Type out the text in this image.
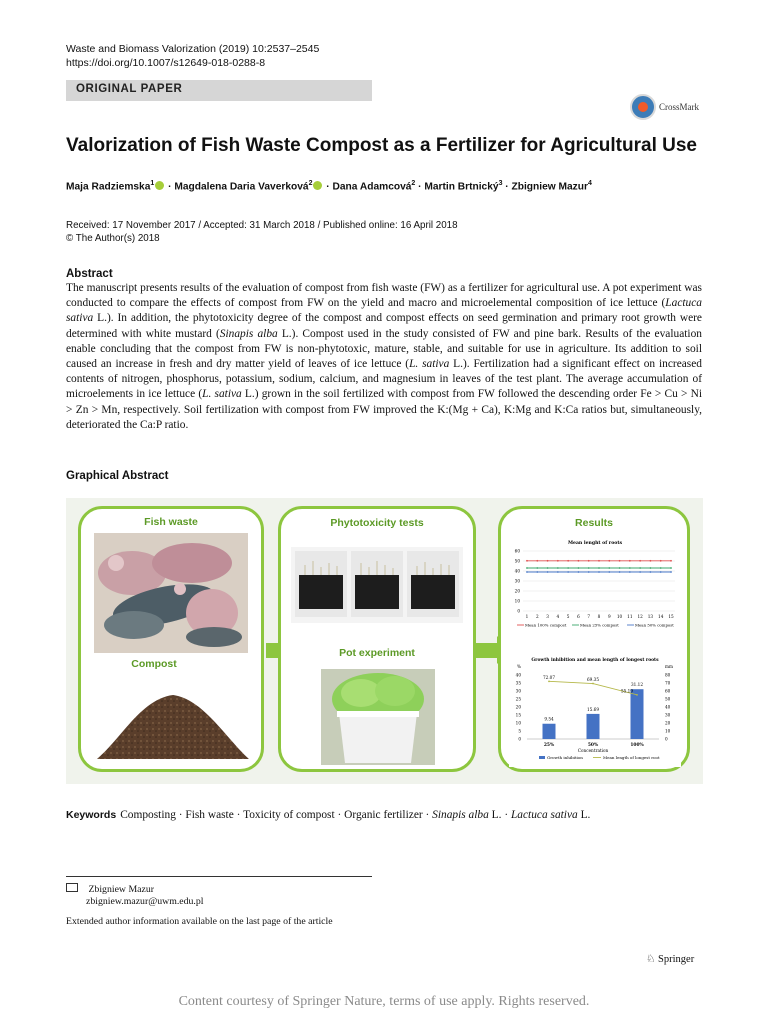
Waste and Biomass Valorization (2019) 10:2537–2545
https://doi.org/10.1007/s12649-018-0288-8
ORIGINAL PAPER
CrossMark
Valorization of Fish Waste Compost as a Fertilizer for Agricultural Use
Maja Radziemska$^1$ · Magdalena Daria Vaverková$^2$ · Dana Adamcová$^2$ · Martin Brtnický$^3$ · Zbigniew Mazur$^4$
Received: 17 November 2017 / Accepted: 31 March 2018 / Published online: 16 April 2018
© The Author(s) 2018
Abstract
The manuscript presents results of the evaluation of compost from fish waste (FW) as a fertilizer for agricultural use. A pot experiment was conducted to compare the effects of compost from FW on the yield and macro and microelemental composition of ice lettuce (Lactuca sativa L.). In addition, the phytotoxicity degree of the compost and compost effects on seed germination and primary root growth were determined with white mustard (Sinapis alba L.). Compost used in the study consisted of FW and pine bark. Results of the evaluation enable concluding that the compost from FW is non-phytotoxic, mature, stable, and suitable for use in agriculture. Its addition to soil caused an increase in fresh and dry matter yield of leaves of ice lettuce (L. sativa L.). Fertilization had a significant effect on increased contents of nitrogen, phosphorus, potassium, sodium, calcium, and magnesium in leaves of the test plant. The average accumulation of microelements in ice lettuce (L. sativa L.) grown in the soil fertilized with compost from FW followed the descending order Fe > Cu > Ni > Zn > Mn, respectively. Soil fertilization with compost from FW improved the K:(Mg + Ca), K:Mg and K:Ca ratios but, simultaneously, deteriorated the Ca:P ratio.
Graphical Abstract
Fish waste
Compost
Phytotoxicity tests
Pot experiment
Results
Mean lenght of roots
60
50
40
30
20
10
0
1 2 3 4 5 6 7 8 9 10 11 12 13 14 15
Mean 100% compost	Mean 25% compost	Mean 50% compost
Growth inhibition and mean length of longest roots
%	mm
40	80
35	70
30	60
25	50
20	40
15	30
10	20
5	10
0	0
9.54
25%
15.69
50%
31.12
100%
72.07	69.35
55.19
Concentration
Growth inhibition	Mean length of longest root
Keywords Composting · Fish waste · Toxicity of compost · Organic fertilizer · Sinapis alba L. · Lactuca sativa L.
Zbigniew Mazur
zbigniew.mazur@uwm.edu.pl
Extended author information available on the last page of the article
♘ Springer
Content courtesy of Springer Nature, terms of use apply. Rights reserved.
